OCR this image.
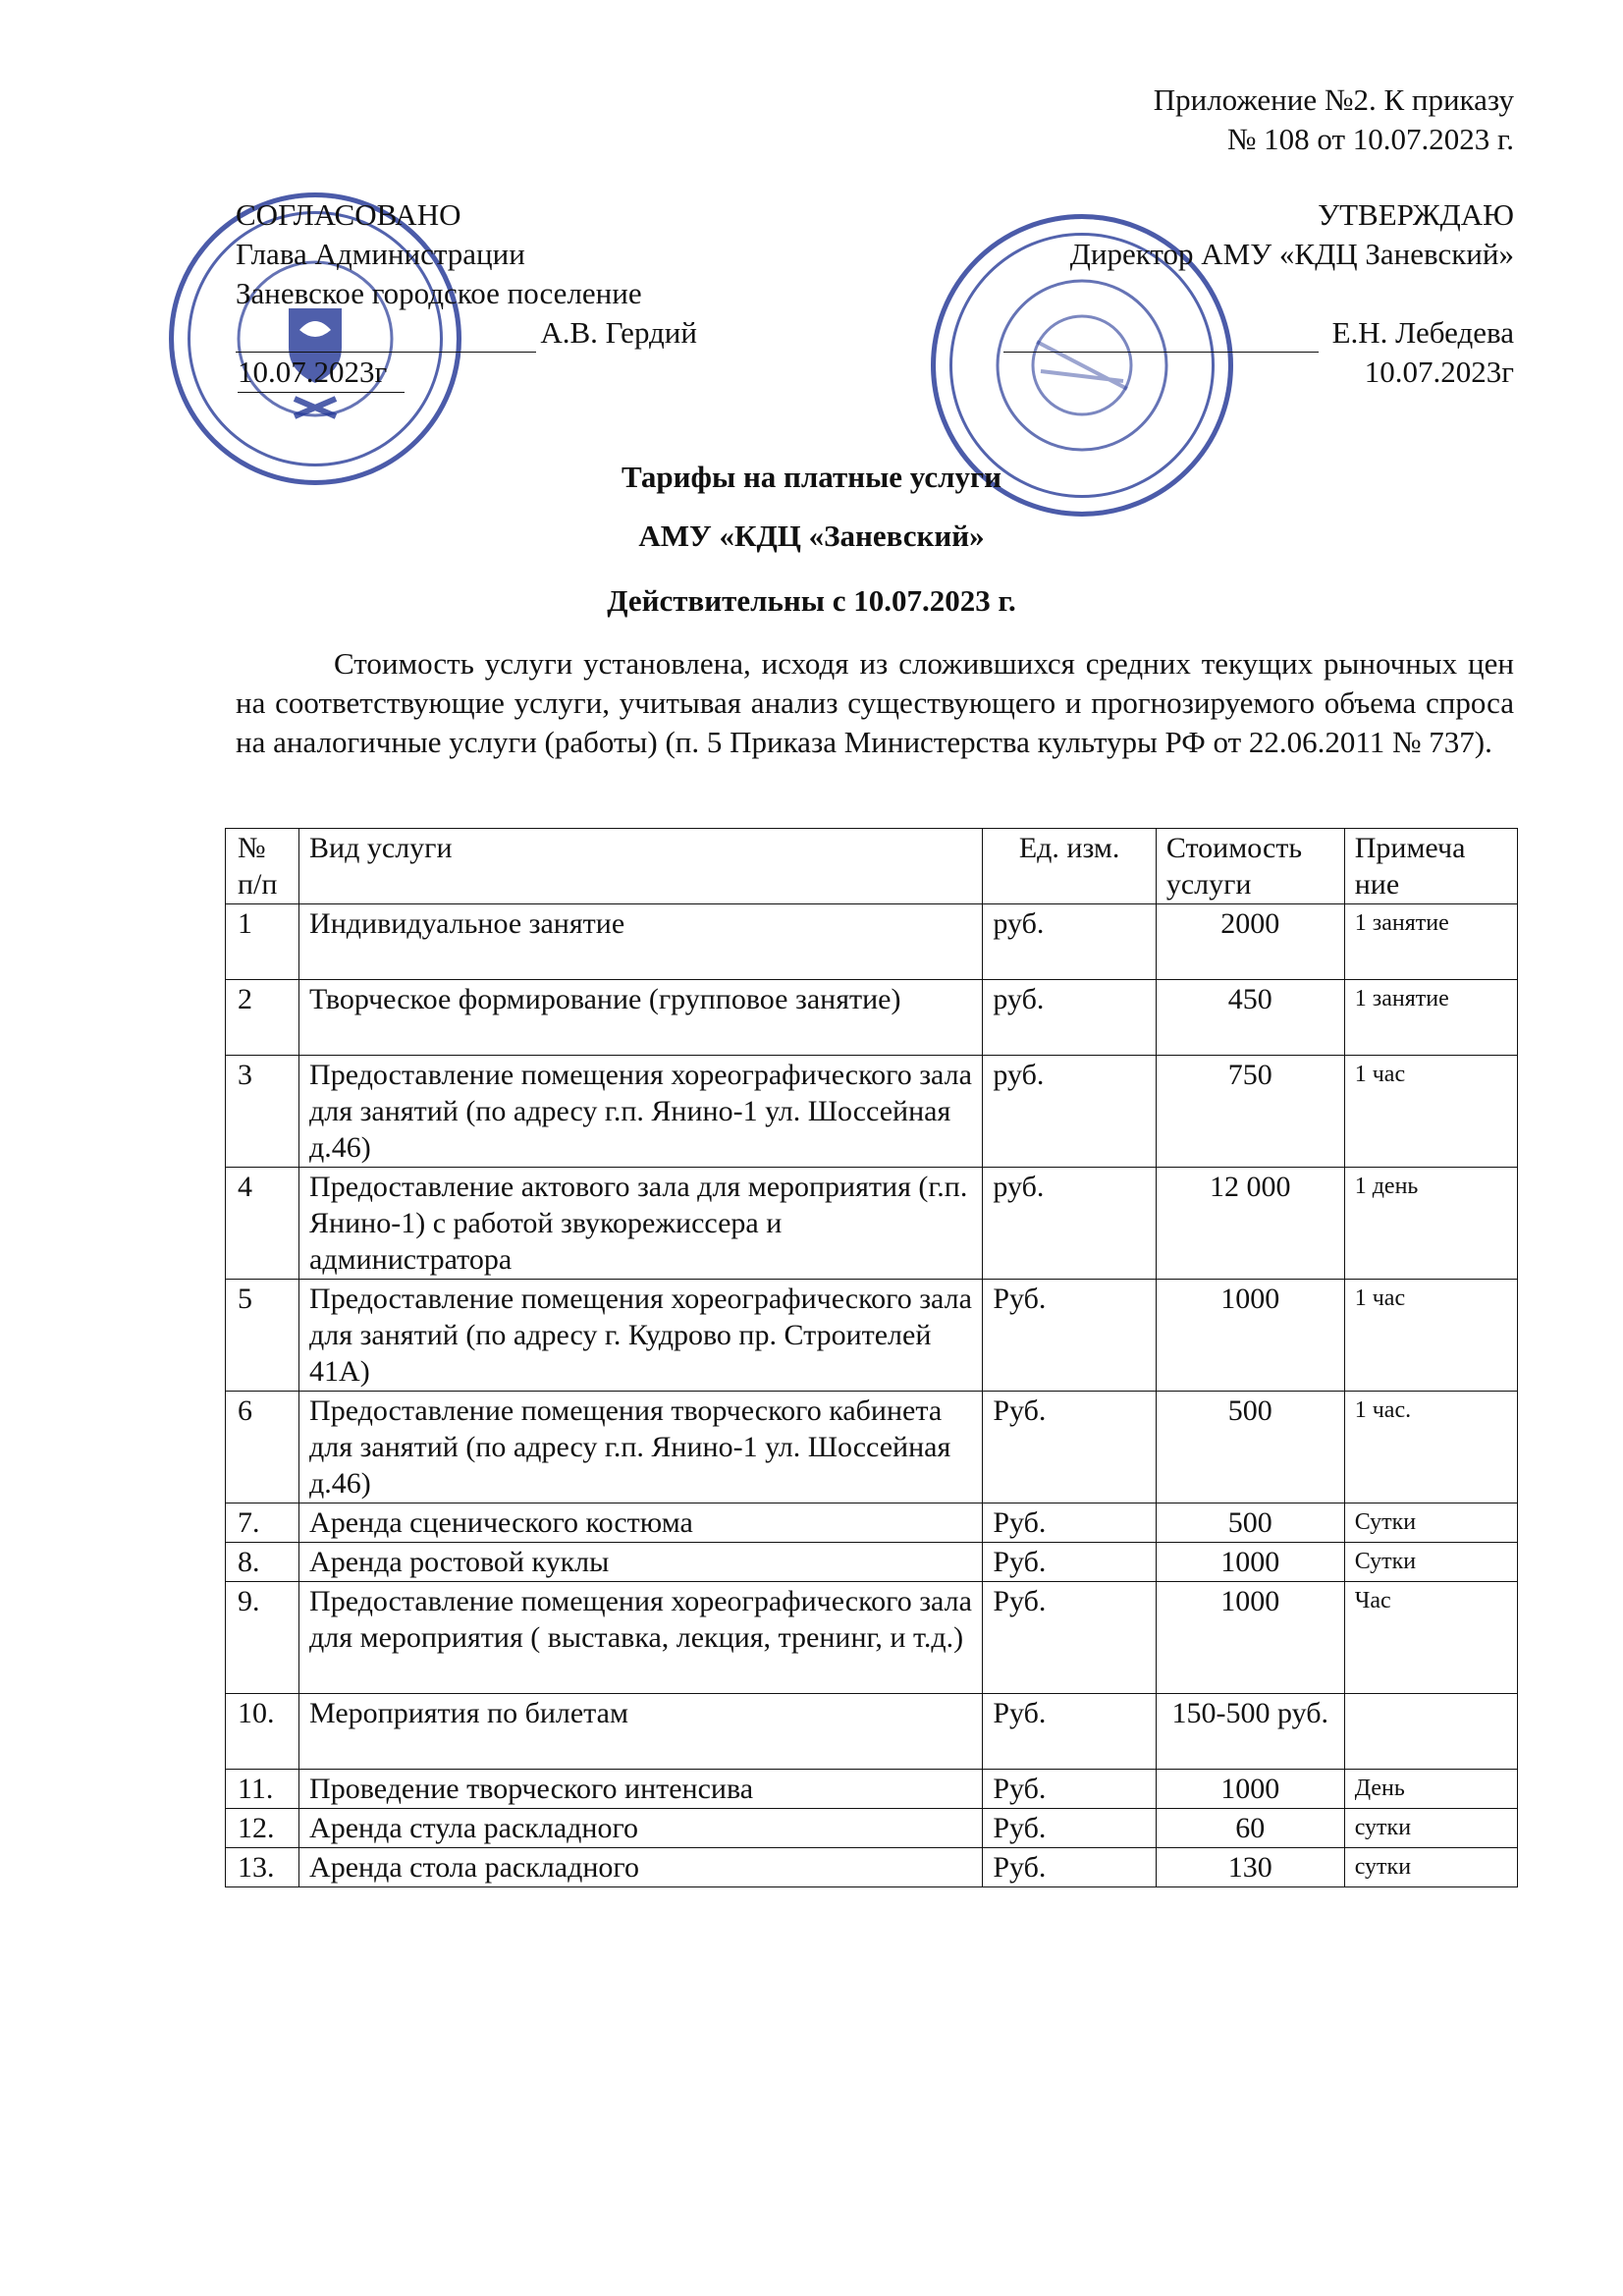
Приложение №2. К приказу
№ 108 от 10.07.2023 г.
СОГЛАСОВАНО
Глава Администрации
Заневское городское поселение
А.В. Гердий
10.07.2023г
УТВЕРЖДАЮ
Директор АМУ «КДЦ Заневский»
Е.Н. Лебедева
10.07.2023г
Тарифы на платные услуги
АМУ «КДЦ «Заневский»
Действительны с 10.07.2023 г.
Стоимость услуги установлена, исходя из сложившихся средних текущих рыночных цен на соответствующие услуги, учитывая анализ существующего и прогнозируемого объема спроса на аналогичные услуги (работы) (п. 5 Приказа Министерства культуры РФ от 22.06.2011 № 737).
№ п/п	Вид услуги	Ед. изм.	Стоимость услуги	Примеча ние
1	Индивидуальное занятие	руб.	2000	1 занятие
2	Творческое формирование (групповое занятие)	руб.	450	1 занятие
3	Предоставление помещения хореографического зала для занятий (по адресу г.п. Янино-1 ул. Шоссейная д.46)	руб.	750	1 час
4	Предоставление актового зала для мероприятия (г.п. Янино-1) с работой звукорежиссера и администратора	руб.	12 000	1 день
5	Предоставление помещения хореографического зала для занятий (по адресу г. Кудрово пр. Строителей 41А)	Руб.	1000	1 час
6	Предоставление помещения творческого кабинета для занятий (по адресу г.п. Янино-1 ул. Шоссейная д.46)	Руб.	500	1 час.
7.	Аренда сценического костюма	Руб.	500	Сутки
8.	Аренда ростовой куклы	Руб.	1000	Сутки
9.	Предоставление помещения хореографического зала для мероприятия ( выставка, лекция, тренинг, и т.д.)	Руб.	1000	Час
10.	Мероприятия по билетам	Руб.	150-500 руб.	
11.	Проведение творческого интенсива	Руб.	1000	День
12.	Аренда стула раскладного	Руб.	60	сутки
13.	Аренда стола раскладного	Руб.	130	сутки
